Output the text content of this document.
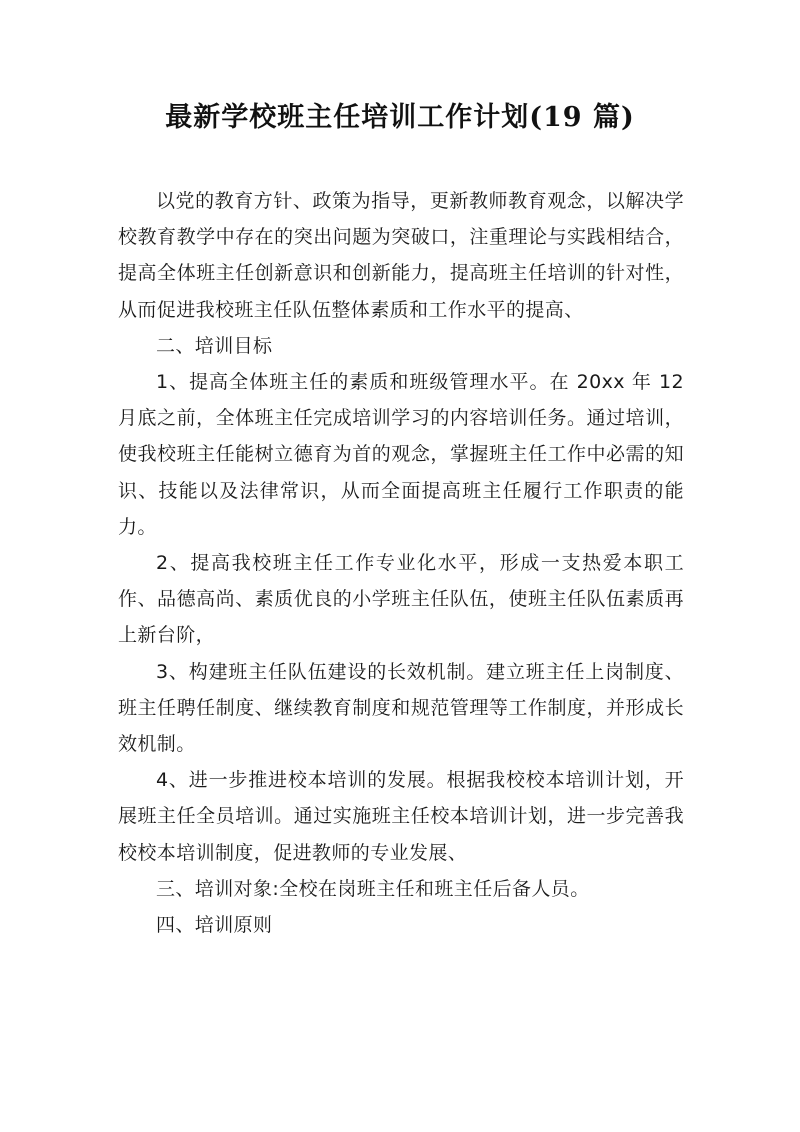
最新学校班主任培训工作计划(19 篇)

以党的教育方针、政策为指导，更新教师教育观念，以解决学校教育教学中存在的突出问题为突破口，注重理论与实践相结合，提高全体班主任创新意识和创新能力，提高班主任培训的针对性，从而促进我校班主任队伍整体素质和工作水平的提高、

二、培训目标

1、提高全体班主任的素质和班级管理水平。在 20xx 年 12 月底之前，全体班主任完成培训学习的内容培训任务。通过培训，使我校班主任能树立德育为首的观念，掌握班主任工作中必需的知识、技能以及法律常识，从而全面提高班主任履行工作职责的能力。

2、提高我校班主任工作专业化水平，形成一支热爱本职工作、品德高尚、素质优良的小学班主任队伍，使班主任队伍素质再上新台阶，

3、构建班主任队伍建设的长效机制。建立班主任上岗制度、班主任聘任制度、继续教育制度和规范管理等工作制度，并形成长效机制。

4、进一步推进校本培训的发展。根据我校校本培训计划，开展班主任全员培训。通过实施班主任校本培训计划，进一步完善我校校本培训制度，促进教师的专业发展、

三、培训对象:全校在岗班主任和班主任后备人员。

四、培训原则
